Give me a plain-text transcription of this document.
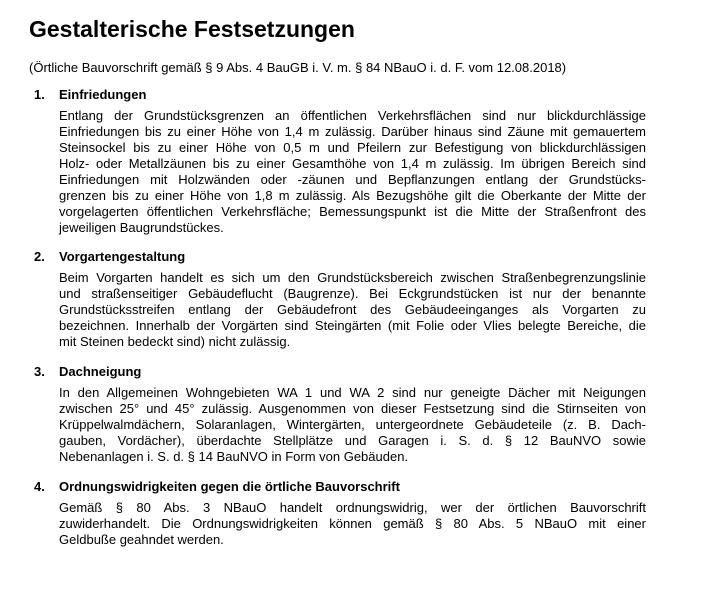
Gestalterische Festsetzungen
(Örtliche Bauvorschrift gemäß § 9 Abs. 4 BauGB i. V. m. § 84 NBauO i. d. F. vom 12.08.2018)
1.	Einfriedungen
Entlang der Grundstücksgrenzen an öffentlichen Verkehrsflächen sind nur blickdurchlässige
Einfriedungen bis zu einer Höhe von 1,4 m zulässig. Darüber hinaus sind Zäune mit gemauertem
Steinsockel bis zu einer Höhe von 0,5 m und Pfeilern zur Befestigung von blickdurchlässigen
Holz- oder Metallzäunen bis zu einer Gesamthöhe von 1,4 m zulässig. Im übrigen Bereich sind
Einfriedungen mit Holzwänden oder -zäunen und Bepflanzungen entlang der Grundstücks-
grenzen bis zu einer Höhe von 1,8 m zulässig. Als Bezugshöhe gilt die Oberkante der Mitte der
vorgelagerten öffentlichen Verkehrsfläche; Bemessungspunkt ist die Mitte der Straßenfront des
jeweiligen Baugrundstückes.
2.	Vorgartengestaltung
Beim Vorgarten handelt es sich um den Grundstücksbereich zwischen Straßenbegrenzungslinie
und straßenseitiger Gebäudeflucht (Baugrenze). Bei Eckgrundstücken ist nur der benannte
Grundstücksstreifen entlang der Gebäudefront des Gebäudeeinganges als Vorgarten zu
bezeichnen. Innerhalb der Vorgärten sind Steingärten (mit Folie oder Vlies belegte Bereiche, die
mit Steinen bedeckt sind) nicht zulässig.
3.	Dachneigung
In den Allgemeinen Wohngebieten WA 1 und WA 2 sind nur geneigte Dächer mit Neigungen
zwischen 25° und 45° zulässig. Ausgenommen von dieser Festsetzung sind die Stirnseiten von
Krüppelwalmdächern, Solaranlagen, Wintergärten, untergeordnete Gebäudeteile (z. B. Dach-
gauben, Vordächer), überdachte Stellplätze und Garagen i. S. d. § 12 BauNVO sowie
Nebenanlagen i. S. d. § 14 BauNVO in Form von Gebäuden.
4.	Ordnungswidrigkeiten gegen die örtliche Bauvorschrift
Gemäß § 80 Abs. 3 NBauO handelt ordnungswidrig, wer der örtlichen Bauvorschrift
zuwiderhandelt. Die Ordnungswidrigkeiten können gemäß § 80 Abs. 5 NBauO mit einer
Geldbuße geahndet werden.
